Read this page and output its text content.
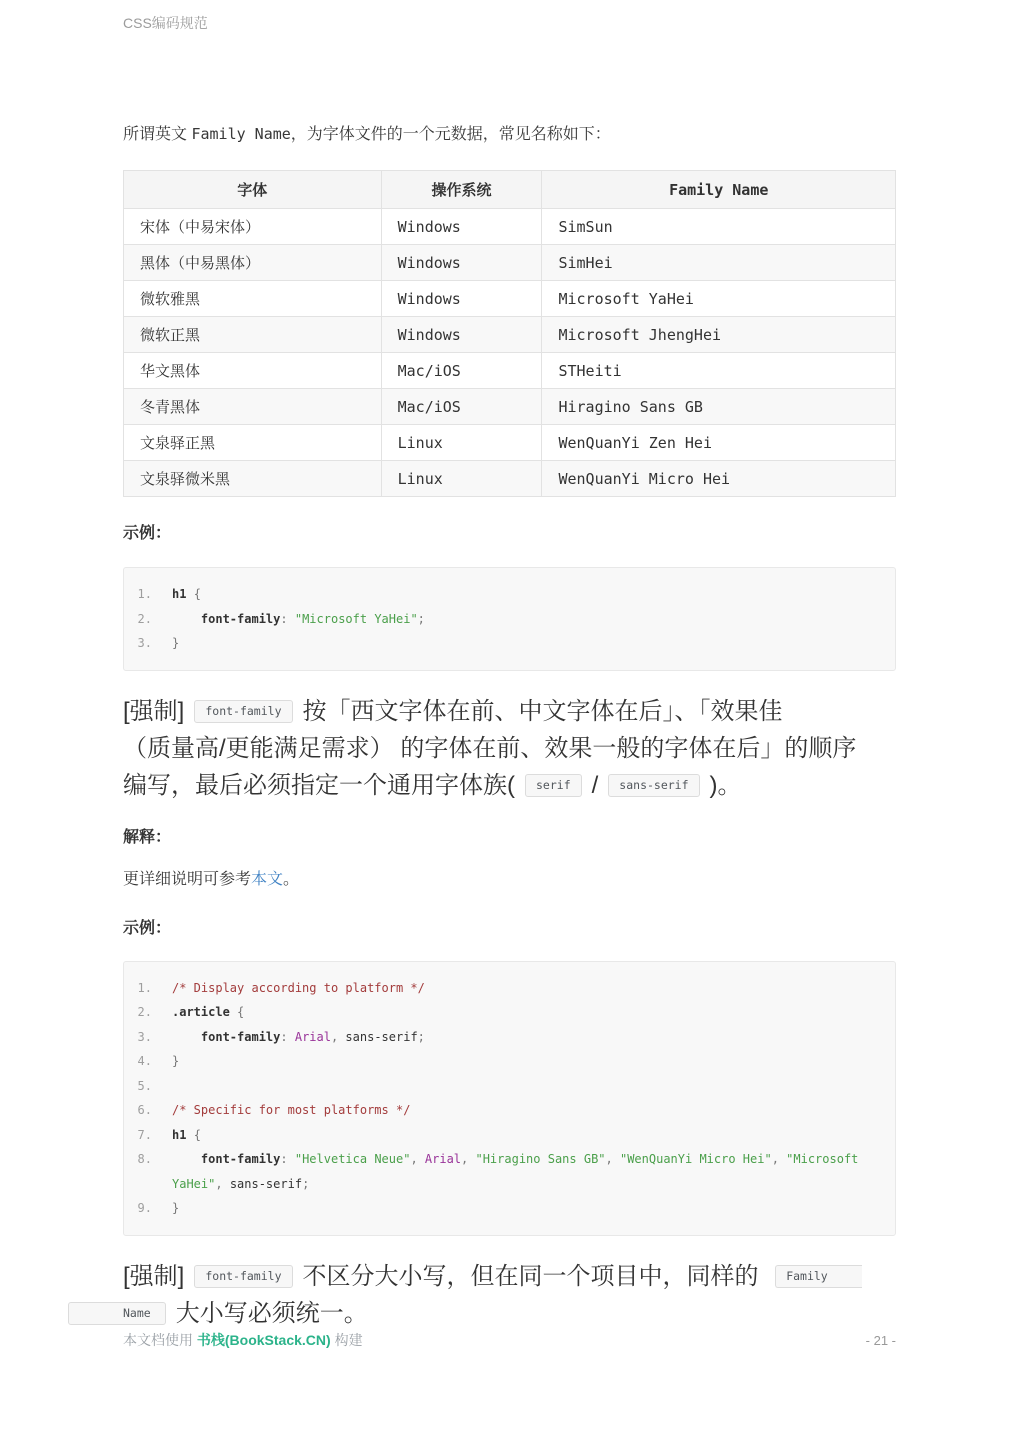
CSS编码规范

所谓英文 Family Name，为字体文件的一个元数据，常见名称如下：

字体	操作系统	Family Name
宋体（中易宋体）	Windows	SimSun
黑体（中易黑体）	Windows	SimHei
微软雅黑	Windows	Microsoft YaHei
微软正黑	Windows	Microsoft JhengHei
华文黑体	Mac/iOS	STHeiti
冬青黑体	Mac/iOS	Hiragino Sans GB
文泉驿正黑	Linux	WenQuanYi Zen Hei
文泉驿微米黑	Linux	WenQuanYi Micro Hei

示例：

1. h1 {
2.	font-family: "Microsoft YaHei";
3. }
[强制] font-family 按「西文字体在前、中文字体在后」、「效果佳
（质量高/更能满足需求） 的字体在前、效果一般的字体在后」的顺序
编写，最后必须指定一个通用字体族( serif / sans-serif )。

解释：

更详细说明可参考本文。

示例：

1. /* Display according to platform */
2. .article {
3.	font-family: Arial, sans-serif;
4. }
5.
6. /* Specific for most platforms */
7. h1 {
8.	font-family: "Helvetica Neue", Arial, "Hiragino Sans GB", "WenQuanYi Micro Hei", "Microsoft YaHei", sans-serif;
9. }
[强制] font-family 不区分大小写，但在同一个项目中，同样的 Family
Name 大小写必须统一。
本文档使用 书栈(BookStack.CN) 构建	- 21 -
